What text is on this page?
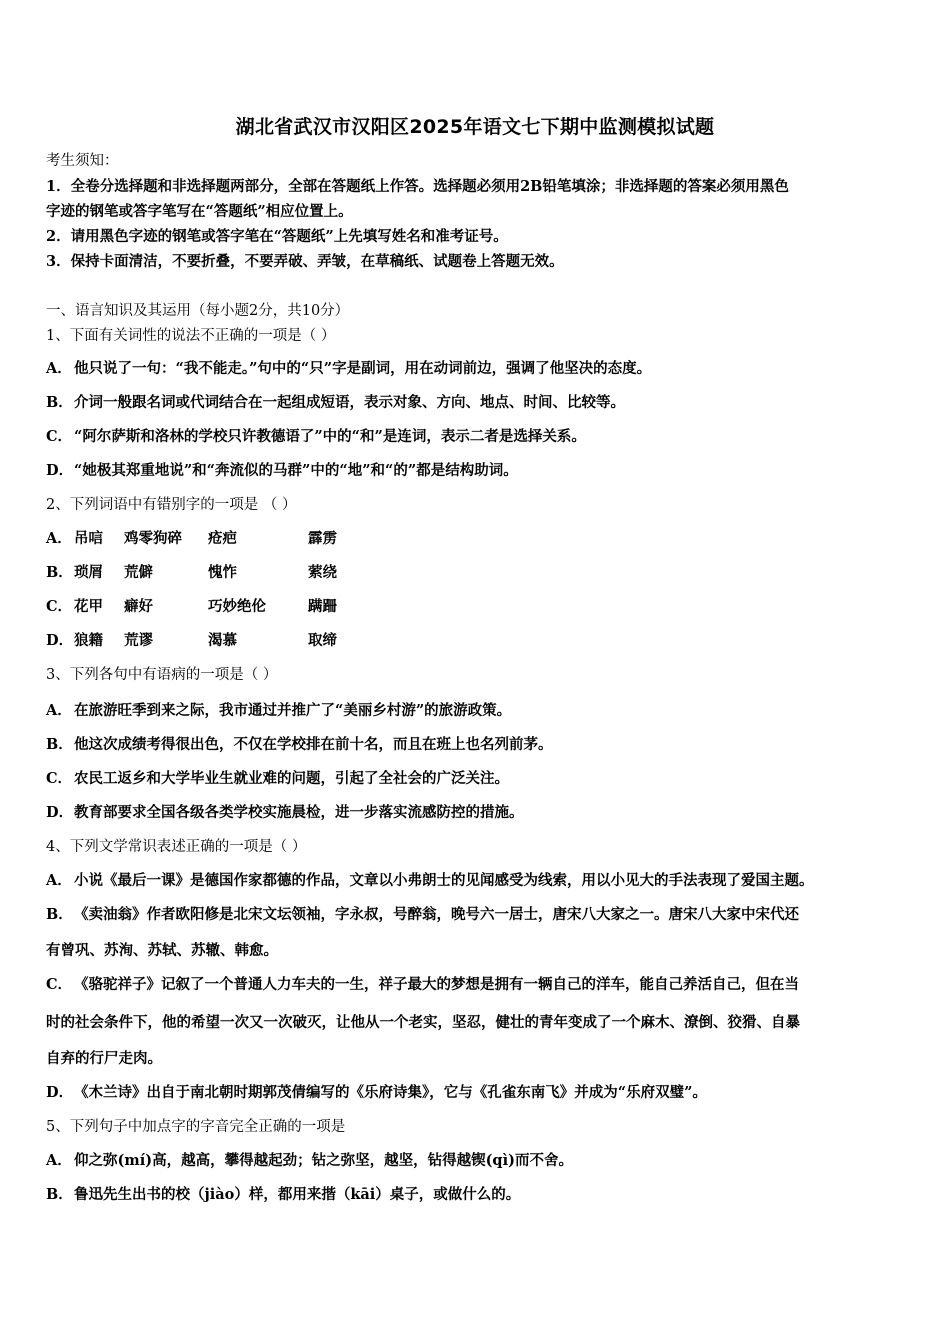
湖北省武汉市汉阳区2025年语文七下期中监测模拟试题
考生须知：
1．全卷分选择题和非选择题两部分，全部在答题纸上作答。选择题必须用2B铅笔填涂；非选择题的答案必须用黑色
字迹的钢笔或答字笔写在“答题纸”相应位置上。
2．请用黑色字迹的钢笔或答字笔在“答题纸”上先填写姓名和准考证号。
3．保持卡面清洁，不要折叠，不要弄破、弄皱，在草稿纸、试题卷上答题无效。
一、语言知识及其运用（每小题2分，共10分）
1、下面有关词性的说法不正确的一项是（ ）
A． 他只说了一句：“我不能走。”句中的“只”字是副词，用在动词前边，强调了他坚决的态度。
B．介词一般跟名词或代词结合在一起组成短语，表示对象、方向、地点、时间、比较等。
C． “阿尔萨斯和洛林的学校只许教德语了”中的“和”是连词，表示二者是选择关系。
D．“她极其郑重地说”和“奔流似的马群”中的“地”和“的”都是结构助词。
2、下列词语中有错别字的一项是 （ ）
A． 吊唁 鸡零狗碎 疮疤	霹雳
B．琐屑 荒僻	愧怍	萦绕
C． 花甲 癖好	巧妙绝伦	蹒跚
D．狼籍 荒谬	渴慕	取缔
3、下列各句中有语病的一项是（ ）
A． 在旅游旺季到来之际，我市通过并推广了“美丽乡村游”的旅游政策。
B．他这次成绩考得很出色，不仅在学校排在前十名，而且在班上也名列前茅。
C． 农民工返乡和大学毕业生就业难的问题，引起了全社会的广泛关注。
D．教育部要求全国各级各类学校实施晨检，进一步落实流感防控的措施。
4、下列文学常识表述正确的一项是（ ）
A． 小说《最后一课》是德国作家都德的作品，文章以小弗朗士的见闻感受为线索，用以小见大的手法表现了爱国主题。
B．《卖油翁》作者欧阳修是北宋文坛领袖，字永叔，号醉翁，晚号六一居士，唐宋八大家之一。唐宋八大家中宋代还
有曾巩、苏洵、苏轼、苏辙、韩愈。
C． 《骆驼祥子》记叙了一个普通人力车夫的一生，祥子最大的梦想是拥有一辆自己的洋车，能自己养活自己，但在当
时的社会条件下，他的希望一次又一次破灭，让他从一个老实，坚忍，健壮的青年变成了一个麻木、潦倒、狡猾、自暴
自弃的行尸走肉。
D．《木兰诗》出自于南北朝时期郭茂倩编写的《乐府诗集》，它与《孔雀东南飞》并成为“乐府双璧”。
5、下列句子中加点字的字音完全正确的一项是
A． 仰之弥(mí)高，越高，攀得越起劲；钻之弥坚，越坚，钻得越锲(qì)而不舍。
B．鲁迅先生出书的校（jiào）样，都用来揩（kāi）桌子，或做什么的。
